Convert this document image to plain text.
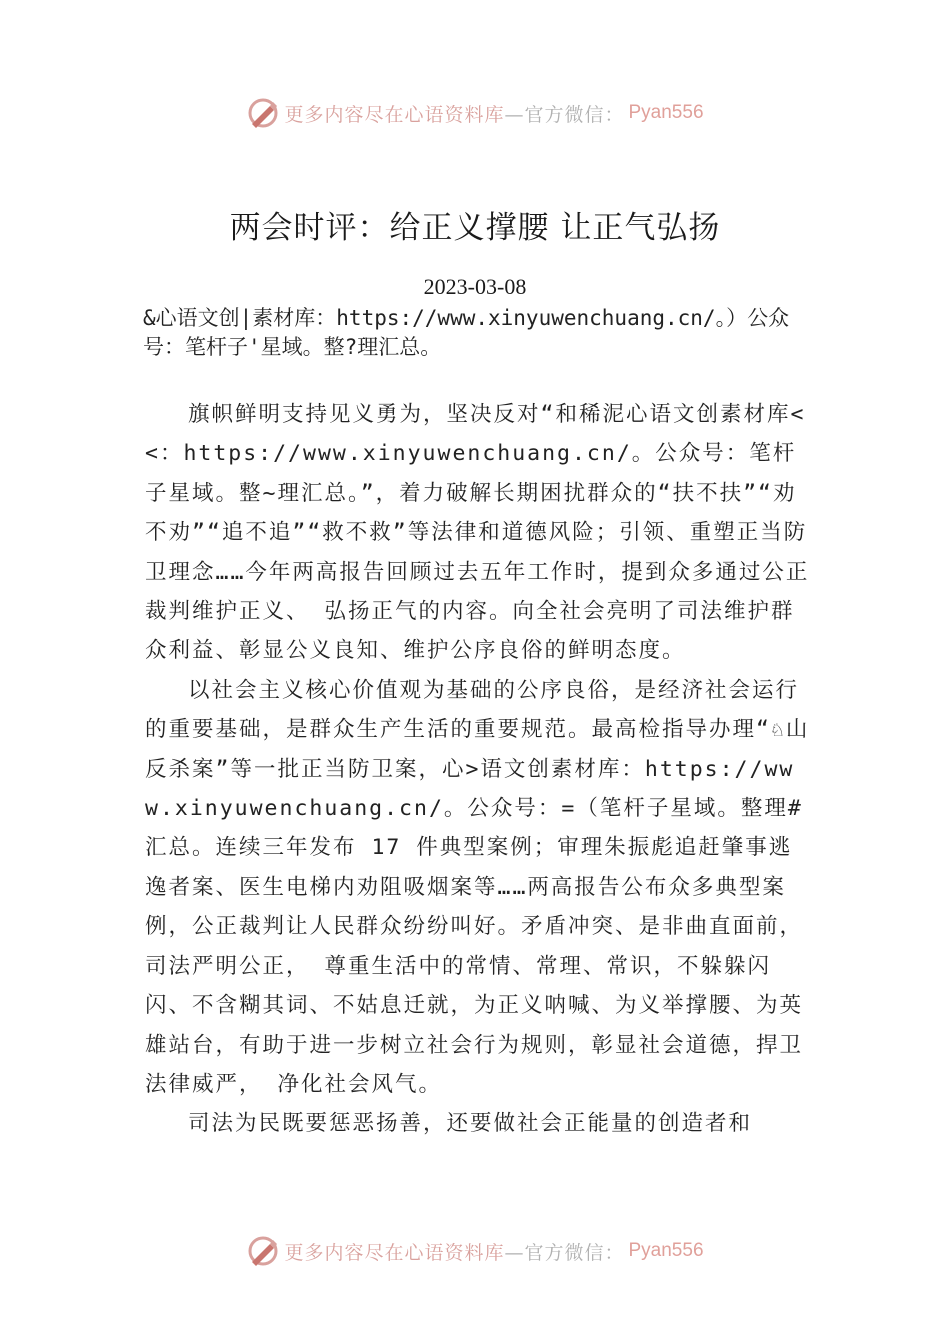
更多内容尽在心语资料库 —官方微信： Pyan556
两会时评：给正义撑腰 让正气弘扬
2023-03-08
&心语文创|素材库：https://www.xinyuwenchuang.cn/。）公众号：笔杆子'星域。整?理汇总。

旗帜鲜明支持见义勇为，坚决反对“和稀泥心语文创素材库<<：https://www.xinyuwenchuang.cn/。公众号：笔杆子星域。整~理汇总。”，着力破解长期困扰群众的“扶不扶”“劝不劝”“追不追”“救不救”等法律和道德风险；引领、重塑正当防卫理念……今年两高报告回顾过去五年工作时，提到众多通过公正裁判维护正义、 弘扬正气的内容。向全社会亮明了司法维护群众利益、彰显公义良知、维护公序良俗的鲜明态度。

以社会主义核心价值观为基础的公序良俗，是经济社会运行的重要基础，是群众生产生活的重要规范。最高检指导办理“♘山反杀案”等一批正当防卫案，心>语文创素材库：https://www.xinyuwenchuang.cn/。公众号：=（笔杆子星域。整理#汇总。连续三年发布 17 件典型案例；审理朱振彪追赶肇事逃逸者案、医生电梯内劝阻吸烟案等……两高报告公布众多典型案例，公正裁判让人民群众纷纷叫好。矛盾冲突、是非曲直面前，司法严明公正， 尊重生活中的常情、常理、常识，不躲躲闪闪、不含糊其词、不姑息迁就，为正义呐喊、为义举撑腰、为英雄站台，有助于进一步树立社会行为规则，彰显社会道德，捍卫法律威严， 净化社会风气。

司法为民既要惩恶扬善，还要做社会正能量的创造者和

更多内容尽在心语资料库 —官方微信： Pyan556
